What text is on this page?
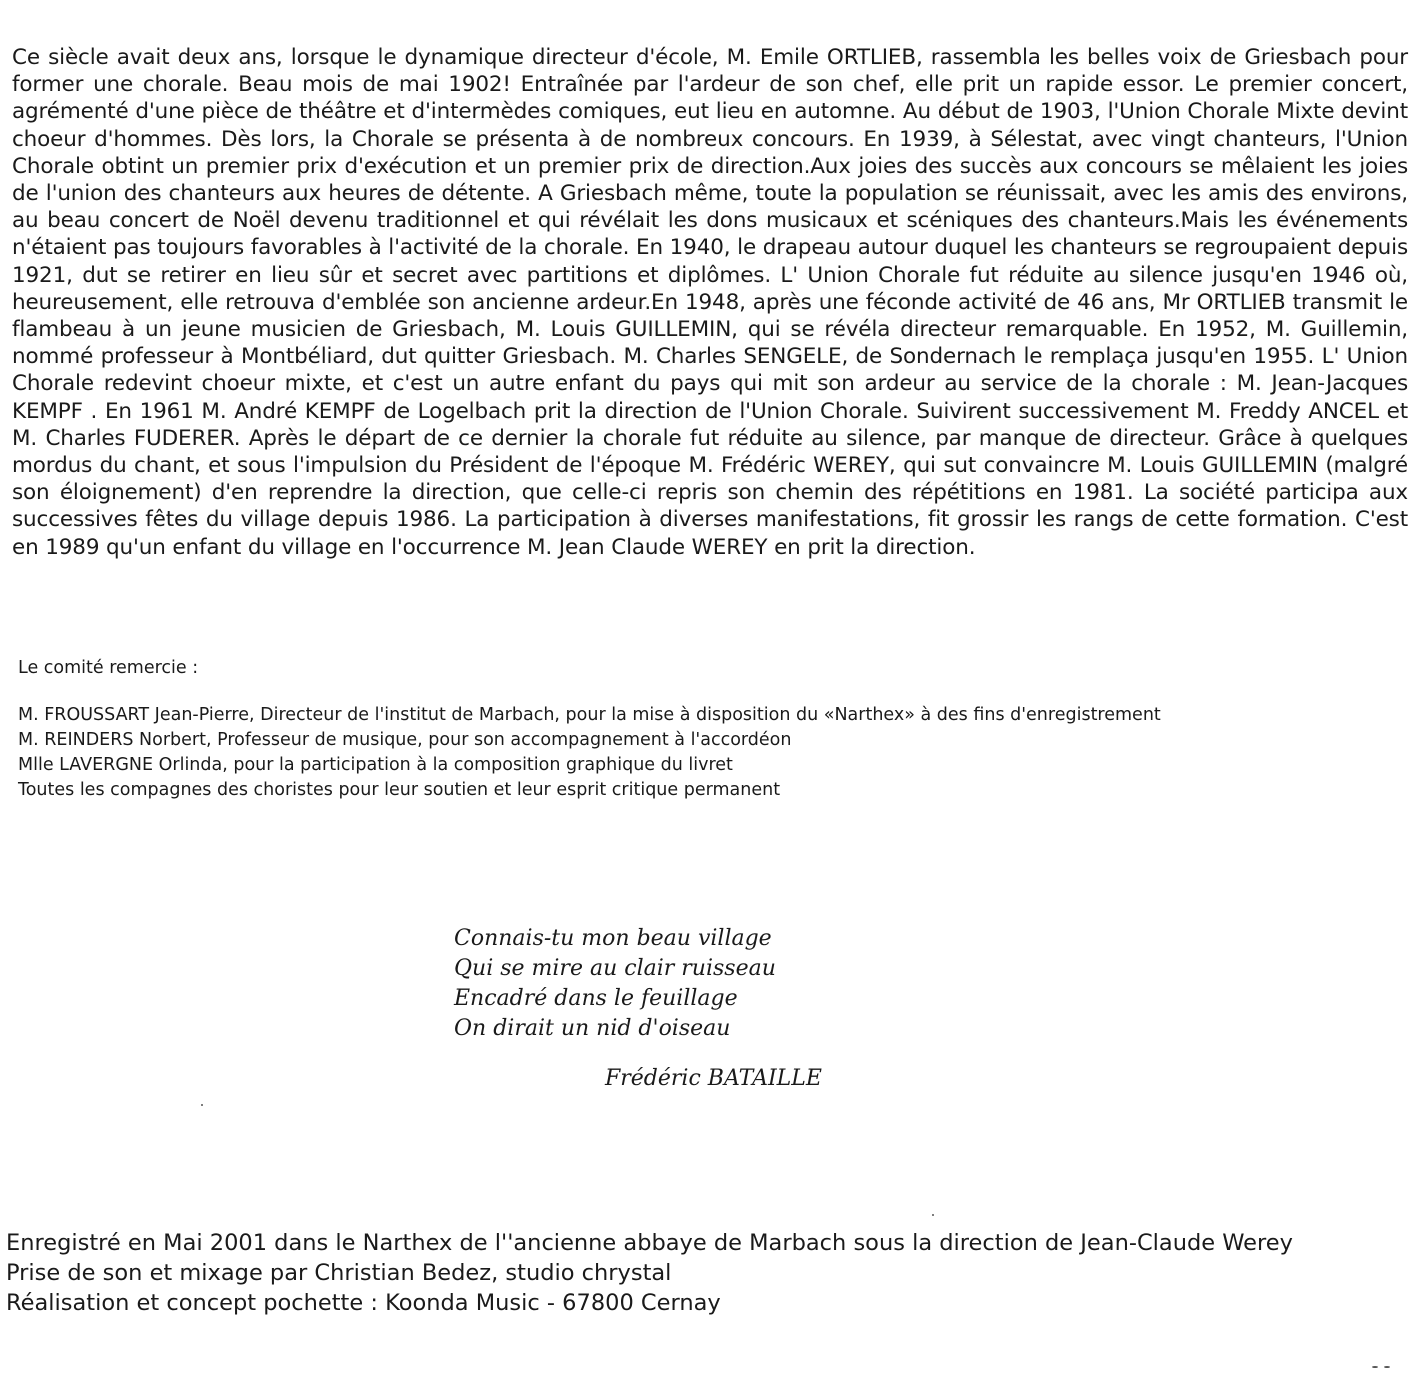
Ce siècle avait deux ans, lorsque le dynamique directeur d'école, M. Emile ORTLIEB, rassembla les belles voix de Griesbach pour former une chorale. Beau mois de mai 1902! Entraînée par l'ardeur de son chef, elle prit un rapide essor. Le premier concert, agrémenté d'une pièce de théâtre et d'intermèdes comiques, eut lieu en automne. Au début de 1903, l'Union Chorale Mixte devint choeur d'hommes. Dès lors, la Chorale se présenta à de nombreux concours. En 1939, à Sélestat, avec vingt chanteurs, l'Union Chorale obtint un premier prix d'exécution et un premier prix de direction.Aux joies des succès aux concours se mêlaient les joies de l'union des chanteurs aux heures de détente. A Griesbach même, toute la population se réunissait, avec les amis des environs, au beau concert de Noël devenu traditionnel et qui révélait les dons musicaux et scéniques des chanteurs.Mais les événements n'étaient pas toujours favorables à l'activité de la chorale. En 1940, le drapeau autour duquel les chanteurs se regroupaient depuis 1921, dut se retirer en lieu sûr et secret avec partitions et diplômes. L' Union Chorale fut réduite au silence jusqu'en 1946 où, heureusement, elle retrouva d'emblée son ancienne ardeur.En 1948, après une féconde activité de 46 ans, Mr ORTLIEB transmit le flambeau à un jeune musicien de Griesbach, M. Louis GUILLEMIN, qui se révéla directeur remarquable. En 1952, M. Guillemin, nommé professeur à Montbéliard, dut quitter Griesbach. M. Charles SENGELE, de Sondernach le remplaça jusqu'en 1955. L' Union Chorale redevint choeur mixte, et c'est un autre enfant du pays qui mit son ardeur au service de la chorale : M. Jean-Jacques KEMPF . En 1961 M. André KEMPF de Logelbach prit la direction de l'Union Chorale. Suivirent successivement M. Freddy ANCEL et M. Charles FUDERER. Après le départ de ce dernier la chorale fut réduite au silence, par manque de directeur. Grâce à quelques mordus du chant, et sous l'impulsion du Président de l'époque M. Frédéric WEREY, qui sut convaincre M. Louis GUILLEMIN (malgré son éloignement) d'en reprendre la direction, que celle-ci repris son chemin des répétitions en 1981. La société participa aux successives fêtes du village depuis 1986. La participation à diverses manifestations, fit grossir les rangs de cette formation. C'est en 1989 qu'un enfant du village en l'occurrence M. Jean Claude WEREY en prit la direction.

Le comité remercie :

M. FROUSSART Jean-Pierre, Directeur de l'institut de Marbach, pour la mise à disposition du «Narthex» à des fins d'enregistrement
M. REINDERS Norbert, Professeur de musique, pour son accompagnement à l'accordéon
Mlle LAVERGNE Orlinda, pour la participation à la composition graphique du livret
Toutes les compagnes des choristes pour leur soutien et leur esprit critique permanent
Connais-tu mon beau village
Qui se mire au clair ruisseau
Encadré dans le feuillage
On dirait un nid d'oiseau
Frédéric BATAILLE

Enregistré en Mai 2001 dans le Narthex de l''ancienne abbaye de Marbach sous la direction de Jean-Claude Werey

Prise de son et mixage par Christian Bedez, studio chrystal

Réalisation et concept pochette : Koonda Music - 67800 Cernay
